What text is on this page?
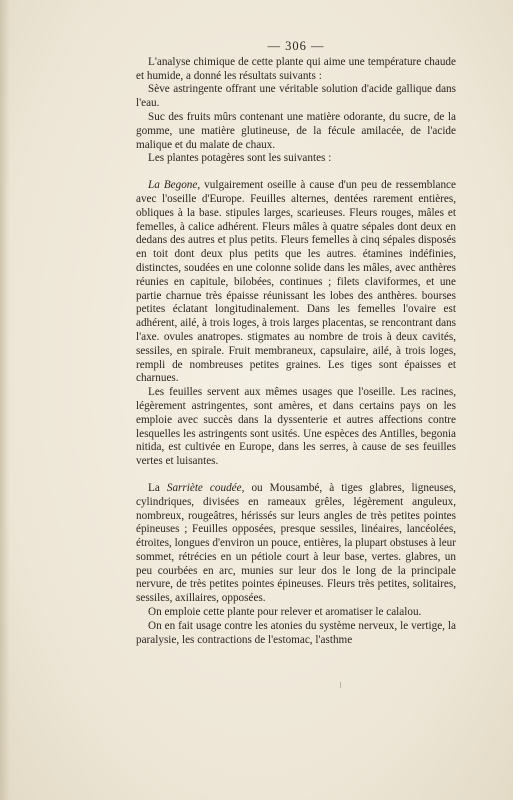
— 306 —

L'analyse chimique de cette plante qui aime une température chaude et humide, a donné les résultats suivants :

Sève astringente offrant une véritable solution d'acide gallique dans l'eau.

Suc des fruits mûrs contenant une matière odorante, du sucre, de la gomme, une matière glutineuse, de la fécule amilacée, de l'acide malique et du malate de chaux.

Les plantes potagères sont les suivantes :

La Begone, vulgairement oseille à cause d'un peu de ressemblance avec l'oseille d'Europe. Feuilles alternes, dentées rarement entières, obliques à la base. stipules larges, scarieuses. Fleurs rouges, mâles et femelles, à calice adhérent. Fleurs mâles à quatre sépales dont deux en dedans des autres et plus petits. Fleurs femelles à cinq sépales disposés en toit dont deux plus petits que les autres. étamines indéfinies, distinctes, soudées en une colonne solide dans les mâles, avec anthères réunies en capitule, bilobées, continues ; filets claviformes, et une partie charnue très épaisse réunissant les lobes des anthères. bourses petites éclatant longitudinalement. Dans les femelles l'ovaire est adhérent, ailé, à trois loges, à trois larges placentas, se rencontrant dans l'axe. ovules anatropes. stigmates au nombre de trois à deux cavités, sessiles, en spirale. Fruit membraneux, capsulaire, ailé, à trois loges, rempli de nombreuses petites graines. Les tiges sont épaisses et charnues.

Les feuilles servent aux mêmes usages que l'oseille. Les racines, légèrement astringentes, sont amères, et dans certains pays on les emploie avec succès dans la dyssenterie et autres affections contre lesquelles les astringents sont usités. Une espèces des Antilles, begonia nitida, est cultivée en Europe, dans les serres, à cause de ses feuilles vertes et luisantes.

La Sarriète coudée, ou Mousambé, à tiges glabres, ligneuses, cylindriques, divisées en rameaux grêles, légèrement anguleux, nombreux, rougeâtres, hérissés sur leurs angles de très petites pointes épineuses ; Feuilles opposées, presque sessiles, linéaires, lancéolées, étroites, longues d'environ un pouce, entières, la plupart obstuses à leur sommet, rétrécies en un pétiole court à leur base, vertes. glabres, un peu courbées en arc, munies sur leur dos le long de la principale nervure, de très petites pointes épineuses. Fleurs très petites, solitaires, sessiles, axillaires, opposées.

On emploie cette plante pour relever et aromatiser le calalou.

On en fait usage contre les atonies du système nerveux, le vertige, la paralysie, les contractions de l'estomac, l'asthme
